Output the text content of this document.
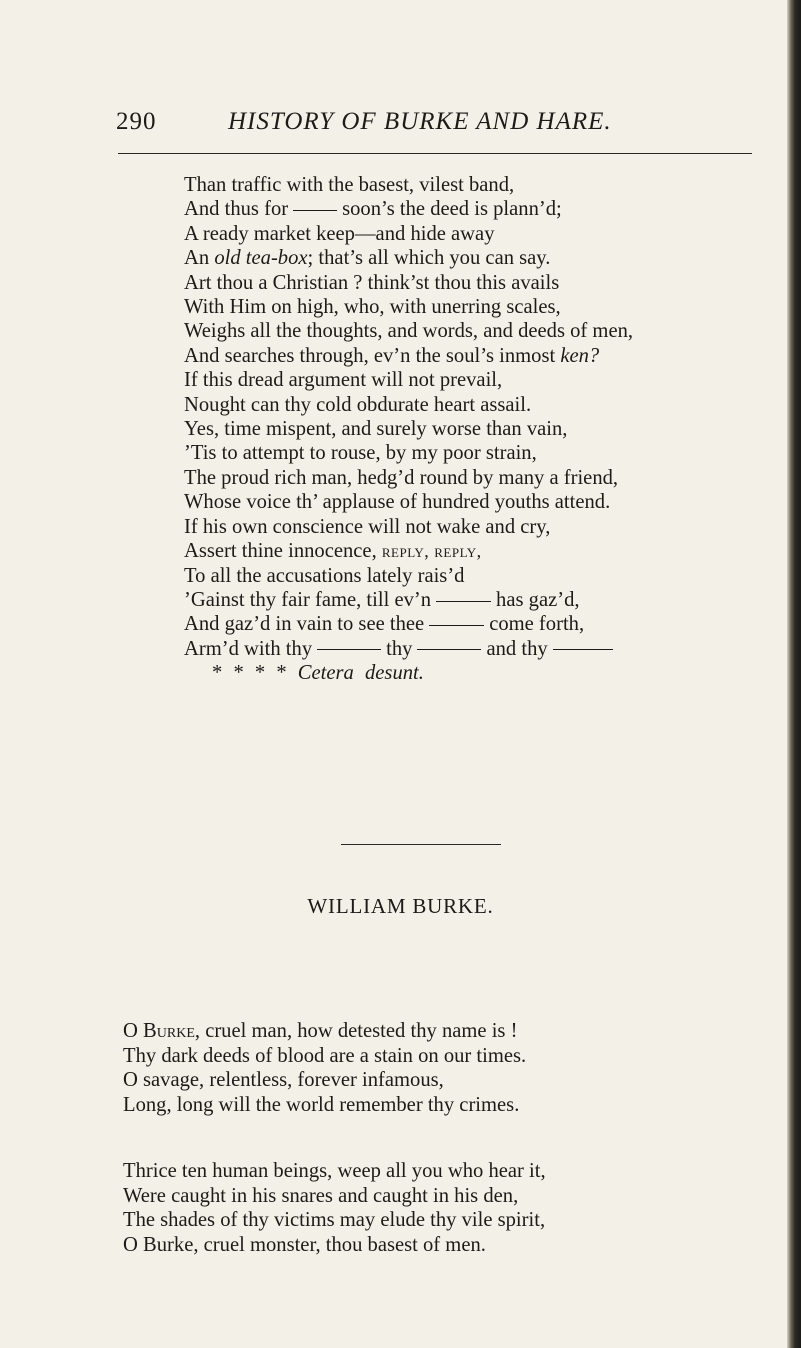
290	HISTORY OF BURKE AND HARE.
Than traffic with the basest, vilest band,
And thus for	soon’s the deed is plann’d;
A ready market keep—and hide away
An old tea-box; that’s all which you can say.
Art thou a Christian ? think’st thou this avails
With Him on high, who, with unerring scales,
Weighs all the thoughts, and words, and deeds of men,
And searches through, ev’n the soul’s inmost ken?
If this dread argument will not prevail,
Nought can thy cold obdurate heart assail.
Yes, time mispent, and surely worse than vain,
’Tis to attempt to rouse, by my poor strain,
The proud rich man, hedg’d round by many a friend,
Whose voice th’ applause of hundred youths attend.
If his own conscience will not wake and cry,
Assert thine innocence, reply, reply,
To all the accusations lately rais’d
’Gainst thy fair fame, till ev’n	has gaz’d,
And gaz’d in vain to see thee	come forth,
Arm’d with thy	thy	and thy
* * * * Cetera desunt.
WILLIAM BURKE.
O Burke, cruel man, how detested thy name is !
Thy dark deeds of blood are a stain on our times.
O savage, relentless, forever infamous,
Long, long will the world remember thy crimes.
Thrice ten human beings, weep all you who hear it,
Were caught in his snares and caught in his den,
The shades of thy victims may elude thy vile spirit,
O Burke, cruel monster, thou basest of men.
